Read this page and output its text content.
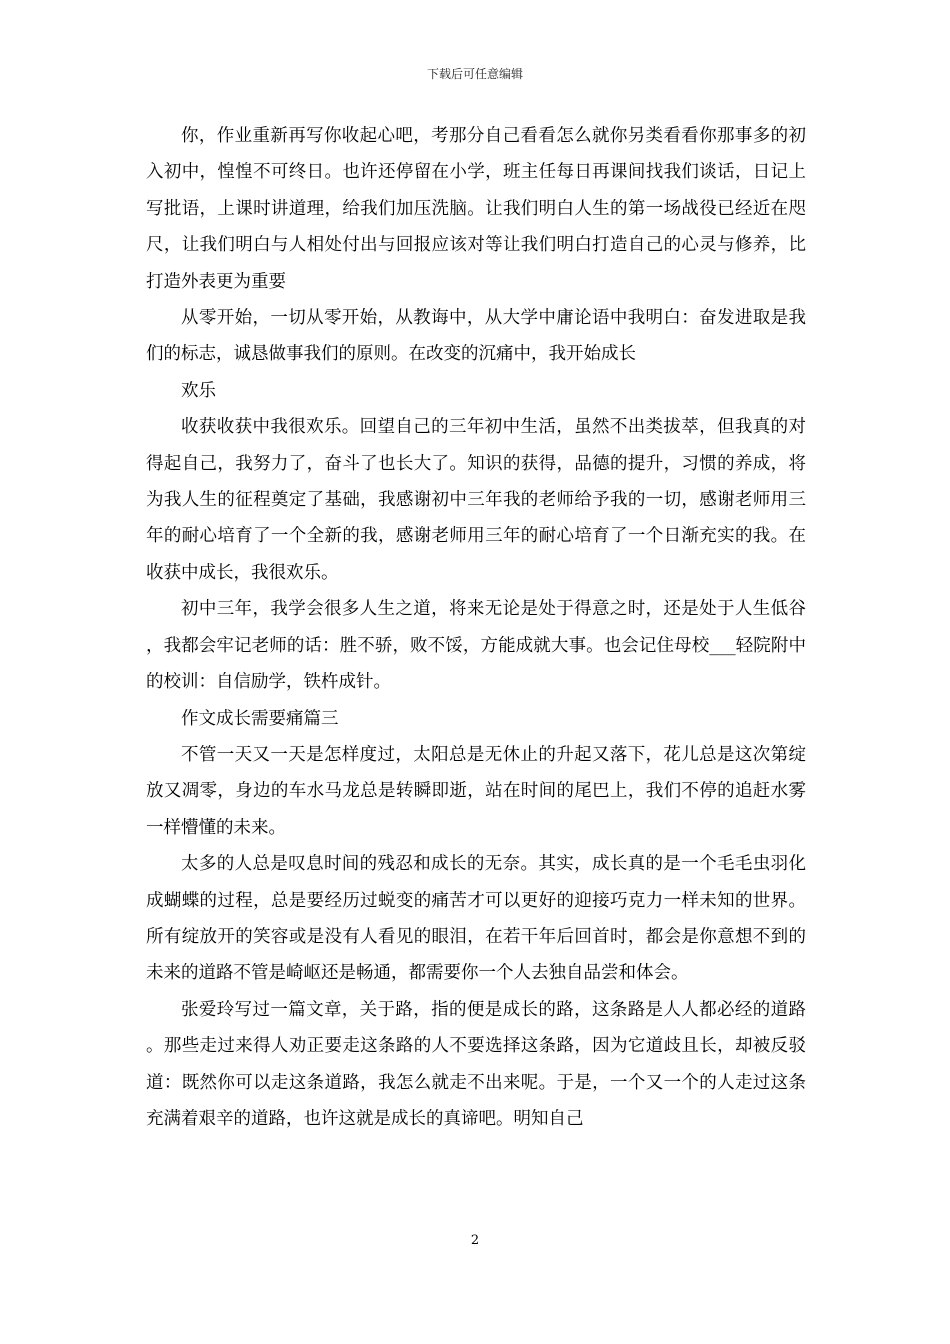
下载后可任意编辑

你，作业重新再写你收起心吧，考那分自己看看怎么就你另类看看你那事多的初入初中，惶惶不可终日。也许还停留在小学，班主任每日再课间找我们谈话，日记上写批语，上课时讲道理，给我们加压洗脑。让我们明白人生的第一场战役已经近在咫尺，让我们明白与人相处付出与回报应该对等让我们明白打造自己的心灵与修养，比打造外表更为重要

从零开始，一切从零开始，从教诲中，从大学中庸论语中我明白：奋发进取是我们的标志，诚恳做事我们的原则。在改变的沉痛中，我开始成长

欢乐

收获收获中我很欢乐。回望自己的三年初中生活，虽然不出类拔萃，但我真的对得起自己，我努力了，奋斗了也长大了。知识的获得，品德的提升，习惯的养成，将为我人生的征程奠定了基础，我感谢初中三年我的老师给予我的一切，感谢老师用三年的耐心培育了一个全新的我，感谢老师用三年的耐心培育了一个日渐充实的我。在收获中成长，我很欢乐。

初中三年，我学会很多人生之道，将来无论是处于得意之时，还是处于人生低谷，我都会牢记老师的话：胜不骄，败不馁，方能成就大事。也会记住母校___轻院附中的校训：自信励学，铁杵成针。

作文成长需要痛篇三

不管一天又一天是怎样度过，太阳总是无休止的升起又落下，花儿总是这次第绽放又凋零，身边的车水马龙总是转瞬即逝，站在时间的尾巴上，我们不停的追赶水雾一样懵懂的未来。

太多的人总是叹息时间的残忍和成长的无奈。其实，成长真的是一个毛毛虫羽化成蝴蝶的过程，总是要经历过蜕变的痛苦才可以更好的迎接巧克力一样未知的世界。所有绽放开的笑容或是没有人看见的眼泪，在若干年后回首时，都会是你意想不到的未来的道路不管是崎岖还是畅通，都需要你一个人去独自品尝和体会。

张爱玲写过一篇文章，关于路，指的便是成长的路，这条路是人人都必经的道路。那些走过来得人劝正要走这条路的人不要选择这条路，因为它道歧且长，却被反驳道：既然你可以走这条道路，我怎么就走不出来呢。于是，一个又一个的人走过这条充满着艰辛的道路，也许这就是成长的真谛吧。明知自己

2
